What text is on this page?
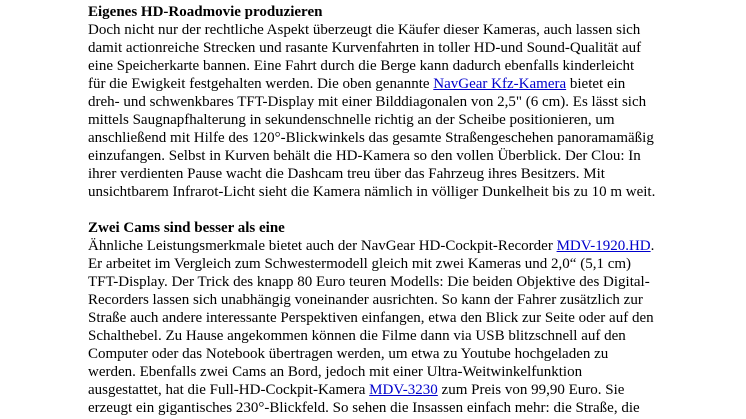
Eigenes HD-Roadmovie produzieren

Doch nicht nur der rechtliche Aspekt überzeugt die Käufer dieser Kameras, auch lassen sich
damit actionreiche Strecken und rasante Kurvenfahrten in toller HD-und Sound-Qualität auf
eine Speicherkarte bannen. Eine Fahrt durch die Berge kann dadurch ebenfalls kinderleicht
für die Ewigkeit festgehalten werden. Die oben genannte NavGear Kfz-Kamera bietet ein
dreh- und schwenkbares TFT-Display mit einer Bilddiagonalen von 2,5" (6 cm). Es lässt sich
mittels Saugnapfhalterung in sekundenschnelle richtig an der Scheibe positionieren, um
anschließend mit Hilfe des 120°-Blickwinkels das gesamte Straßengeschehen panoramamäßig
einzufangen. Selbst in Kurven behält die HD-Kamera so den vollen Überblick. Der Clou: In
ihrer verdienten Pause wacht die Dashcam treu über das Fahrzeug ihres Besitzers. Mit
unsichtbarem Infrarot-Licht sieht die Kamera nämlich in völliger Dunkelheit bis zu 10 m weit.

Zwei Cams sind besser als eine

Ähnliche Leistungsmerkmale bietet auch der NavGear HD-Cockpit-Recorder MDV-1920.HD.
Er arbeitet im Vergleich zum Schwestermodell gleich mit zwei Kameras und 2,0“ (5,1 cm)
TFT-Display. Der Trick des knapp 80 Euro teuren Modells: Die beiden Objektive des Digital-
Recorders lassen sich unabhängig voneinander ausrichten. So kann der Fahrer zusätzlich zur
Straße auch andere interessante Perspektiven einfangen, etwa den Blick zur Seite oder auf den
Schalthebel. Zu Hause angekommen können die Filme dann via USB blitzschnell auf den
Computer oder das Notebook übertragen werden, um etwa zu Youtube hochgeladen zu
werden. Ebenfalls zwei Cams an Bord, jedoch mit einer Ultra-Weitwinkelfunktion
ausgestattet, hat die Full-HD-Cockpit-Kamera MDV-3230 zum Preis von 99,90 Euro. Sie
erzeugt ein gigantisches 230°-Blickfeld. So sehen die Insassen einfach mehr: die Straße, die
